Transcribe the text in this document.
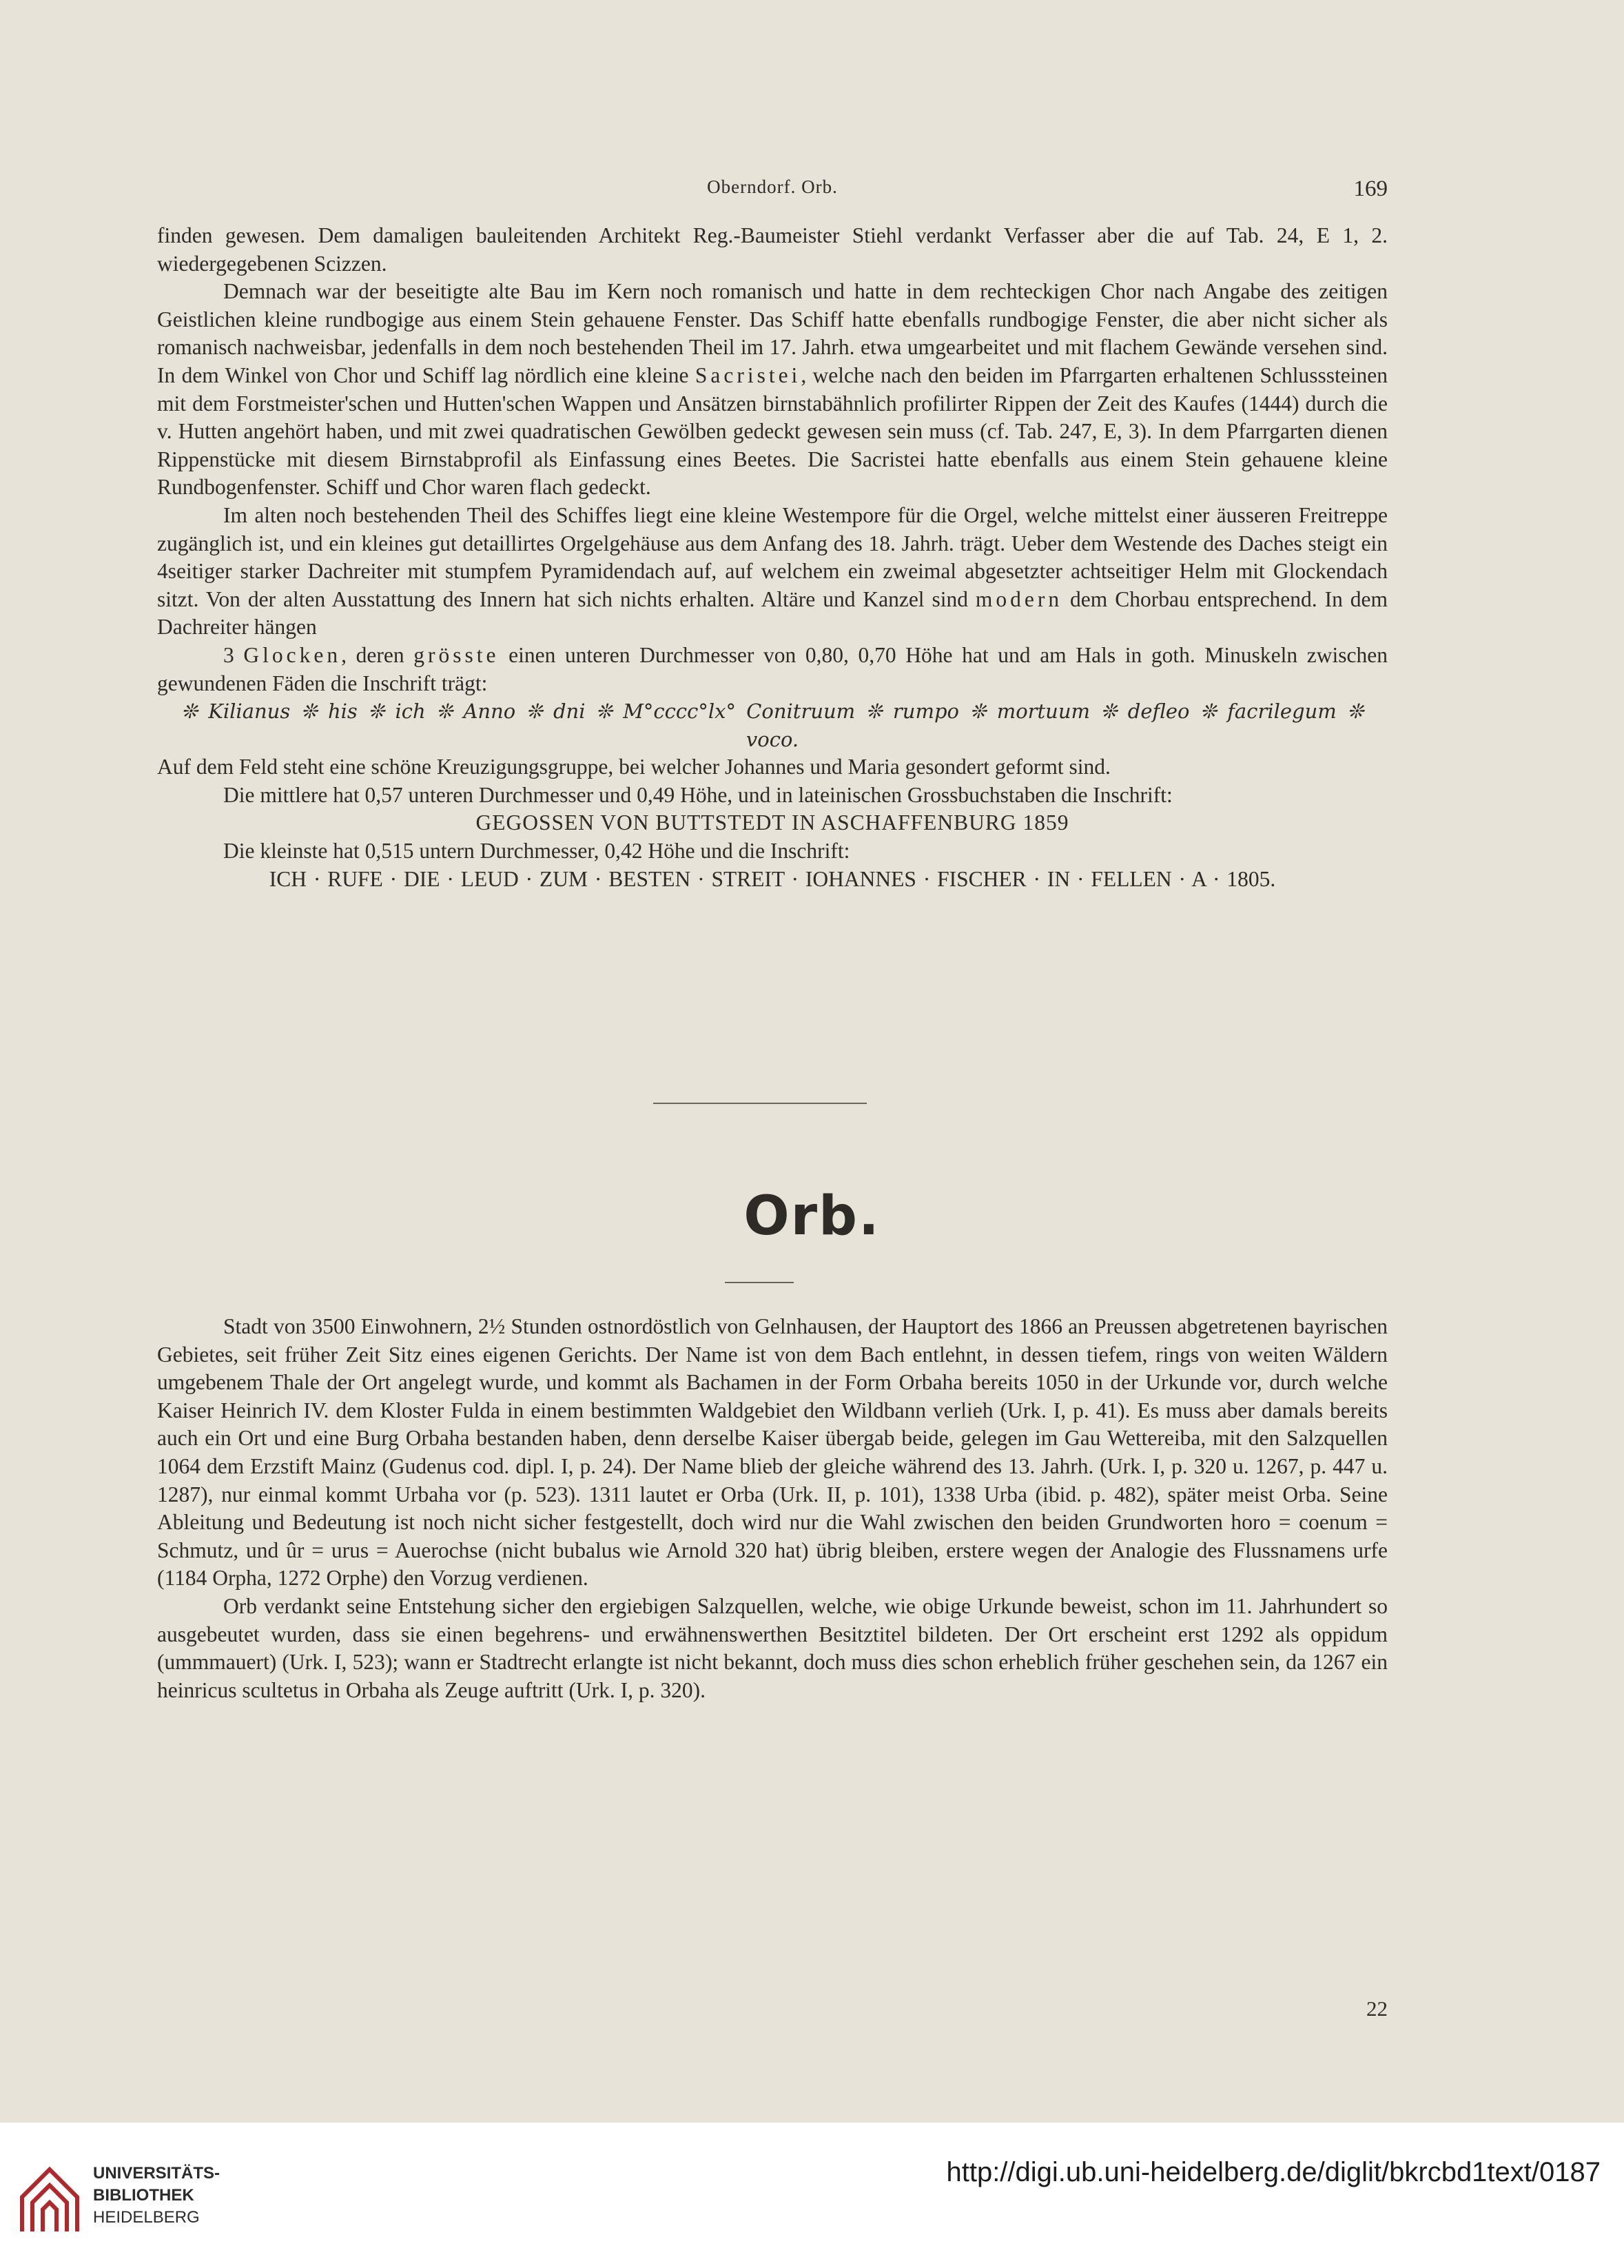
Oberndorf. Orb.	169

finden gewesen. Dem damaligen bauleitenden Architekt Reg.-Baumeister Stiehl verdankt Verfasser aber die auf Tab. 24, E 1, 2. wiedergegebenen Scizzen.

Demnach war der beseitigte alte Bau im Kern noch romanisch und hatte in dem rechteckigen Chor nach Angabe des zeitigen Geistlichen kleine rundbogige aus einem Stein gehauene Fenster. Das Schiff hatte ebenfalls rundbogige Fenster, die aber nicht sicher als romanisch nachweisbar, jedenfalls in dem noch bestehenden Theil im 17. Jahrh. etwa umgearbeitet und mit flachem Gewände versehen sind. In dem Winkel von Chor und Schiff lag nördlich eine kleine Sacristei, welche nach den beiden im Pfarrgarten erhaltenen Schlusssteinen mit dem Forstmeister'schen und Hutten'schen Wappen und Ansätzen birnstabähnlich profilirter Rippen der Zeit des Kaufes (1444) durch die v. Hutten angehört haben, und mit zwei quadratischen Gewölben gedeckt gewesen sein muss (cf. Tab. 247, E, 3). In dem Pfarrgarten dienen Rippenstücke mit diesem Birnstabprofil als Einfassung eines Beetes. Die Sacristei hatte ebenfalls aus einem Stein gehauene kleine Rundbogenfenster. Schiff und Chor waren flach gedeckt.

Im alten noch bestehenden Theil des Schiffes liegt eine kleine Westempore für die Orgel, welche mittelst einer äusseren Freitreppe zugänglich ist, und ein kleines gut detaillirtes Orgelgehäuse aus dem Anfang des 18. Jahrh. trägt. Ueber dem Westende des Daches steigt ein 4seitiger starker Dachreiter mit stumpfem Pyramidendach auf, auf welchem ein zweimal abgesetzter achtseitiger Helm mit Glockendach sitzt. Von der alten Ausstattung des Innern hat sich nichts erhalten. Altäre und Kanzel sind modern dem Chorbau entsprechend. In dem Dachreiter hängen

3 Glocken, deren grösste einen unteren Durchmesser von 0,80, 0,70 Höhe hat und am Hals in goth. Minuskeln zwischen gewundenen Fäden die Inschrift trägt:

❊ Kilianus ❊ his ❊ ich ❊ Anno ❊ dni ❊ M°cccc°lx° Conitruum ❊ rumpo ❊ mortuum ❊ defleo ❊ facrilegum ❊ voco.

Auf dem Feld steht eine schöne Kreuzigungsgruppe, bei welcher Johannes und Maria gesondert geformt sind.

Die mittlere hat 0,57 unteren Durchmesser und 0,49 Höhe, und in lateinischen Grossbuchstaben die Inschrift:

GEGOSSEN VON BUTTSTEDT IN ASCHAFFENBURG 1859

Die kleinste hat 0,515 untern Durchmesser, 0,42 Höhe und die Inschrift:

ICH · RUFE · DIE · LEUD · ZUM · BESTEN · STREIT · IOHANNES · FISCHER · IN · FELLEN · A · 1805.

Orb.

Stadt von 3500 Einwohnern, 2½ Stunden ostnordöstlich von Gelnhausen, der Hauptort des 1866 an Preussen abgetretenen bayrischen Gebietes, seit früher Zeit Sitz eines eigenen Gerichts. Der Name ist von dem Bach entlehnt, in dessen tiefem, rings von weiten Wäldern umgebenem Thale der Ort angelegt wurde, und kommt als Bachamen in der Form Orbaha bereits 1050 in der Urkunde vor, durch welche Kaiser Heinrich IV. dem Kloster Fulda in einem bestimmten Waldgebiet den Wildbann verlieh (Urk. I, p. 41). Es muss aber damals bereits auch ein Ort und eine Burg Orbaha bestanden haben, denn derselbe Kaiser übergab beide, gelegen im Gau Wettereiba, mit den Salzquellen 1064 dem Erzstift Mainz (Gudenus cod. dipl. I, p. 24). Der Name blieb der gleiche während des 13. Jahrh. (Urk. I, p. 320 u. 1267, p. 447 u. 1287), nur einmal kommt Urbaha vor (p. 523). 1311 lautet er Orba (Urk. II, p. 101), 1338 Urba (ibid. p. 482), später meist Orba. Seine Ableitung und Bedeutung ist noch nicht sicher festgestellt, doch wird nur die Wahl zwischen den beiden Grundworten horo = coenum = Schmutz, und ûr = urus = Auerochse (nicht bubalus wie Arnold 320 hat) übrig bleiben, erstere wegen der Analogie des Flussnamens urfe (1184 Orpha, 1272 Orphe) den Vorzug verdienen.

Orb verdankt seine Entstehung sicher den ergiebigen Salzquellen, welche, wie obige Urkunde beweist, schon im 11. Jahrhundert so ausgebeutet wurden, dass sie einen begehrens- und erwähnenswerthen Besitztitel bildeten. Der Ort erscheint erst 1292 als oppidum (ummmauert) (Urk. I, 523); wann er Stadtrecht erlangte ist nicht bekannt, doch muss dies schon erheblich früher geschehen sein, da 1267 ein heinricus scultetus in Orbaha als Zeuge auftritt (Urk. I, p. 320).

22
UNIVERSITÄTS-
BIBLIOTHEK
HEIDELBERG
http://digi.ub.uni-heidelberg.de/diglit/bkrcbd1text/0187
